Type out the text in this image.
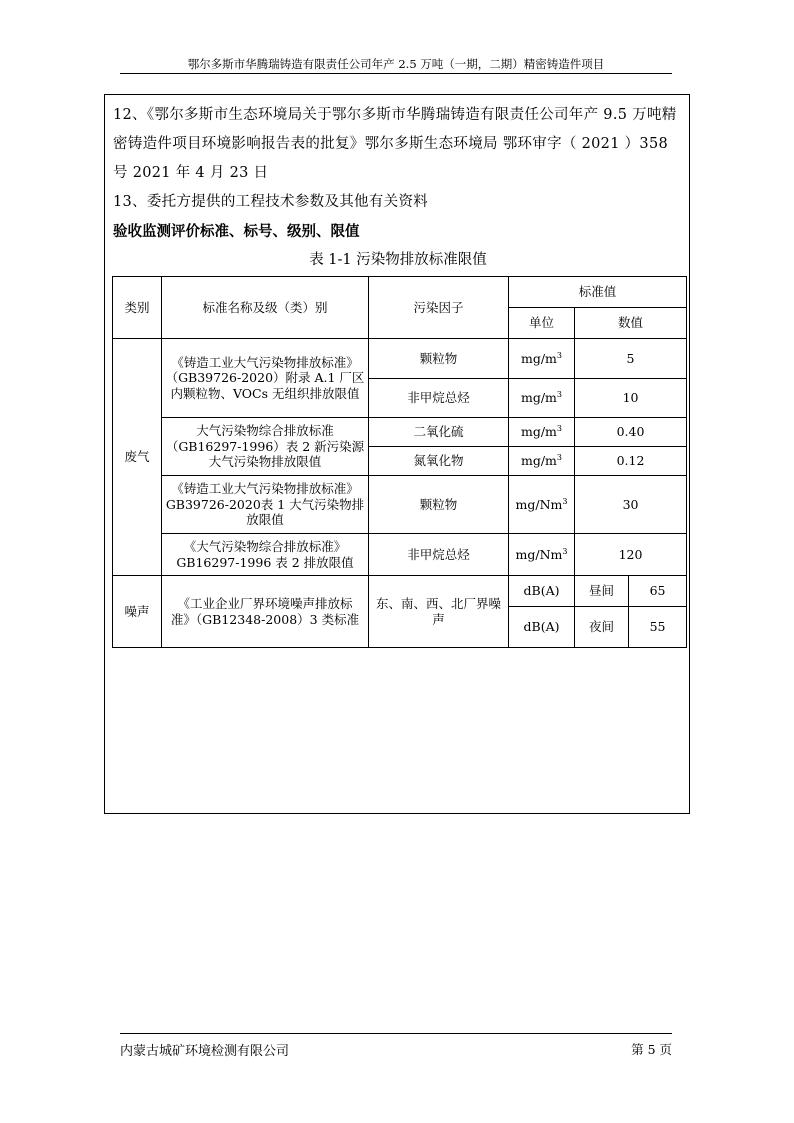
鄂尔多斯市华腾瑞铸造有限责任公司年产 2.5 万吨（一期，二期）精密铸造件项目
12、《鄂尔多斯市生态环境局关于鄂尔多斯市华腾瑞铸造有限责任公司年产 9.5 万吨精密铸造件项目环境影响报告表的批复》鄂尔多斯生态环境局 鄂环审字（ 2021 ）358 号 2021 年 4 月 23 日
13、委托方提供的工程技术参数及其他有关资料
验收监测评价标准、标号、级别、限值
表 1-1 污染物排放标准限值
类别	标准名称及级（类）别	污染因子	标准值		
			单位	数值	
废气	《铸造工业大气污染物排放标准》（GB39726-2020）附录 A.1 厂区内颗粒物、VOCs 无组织排放限值	颗粒物	$mg/m^3$	5	
		非甲烷总烃	$mg/m^3$	10	
	大气污染物综合排放标准（GB16297-1996）表 2 新污染源大气污染物排放限值	二氧化硫	$mg/m^3$	0.40	
		氮氧化物	$mg/m^3$	0.12	
	《铸造工业大气污染物排放标准》GB39726-2020表 1 大气污染物排放限值	颗粒物	mg/Nm$^3$	30	
	《大气污染物综合排放标准》GB16297-1996 表 2 排放限值	非甲烷总烃	mg/Nm$^3$	120	

噪声	《工业企业厂界环境噪声排放标准》（GB12348-2008）3 类标准	东、南、西、北厂界噪声	dB(A)	昼间	65
			dB(A)	夜间	55
内蒙古城矿环境检测有限公司	第 5 页
